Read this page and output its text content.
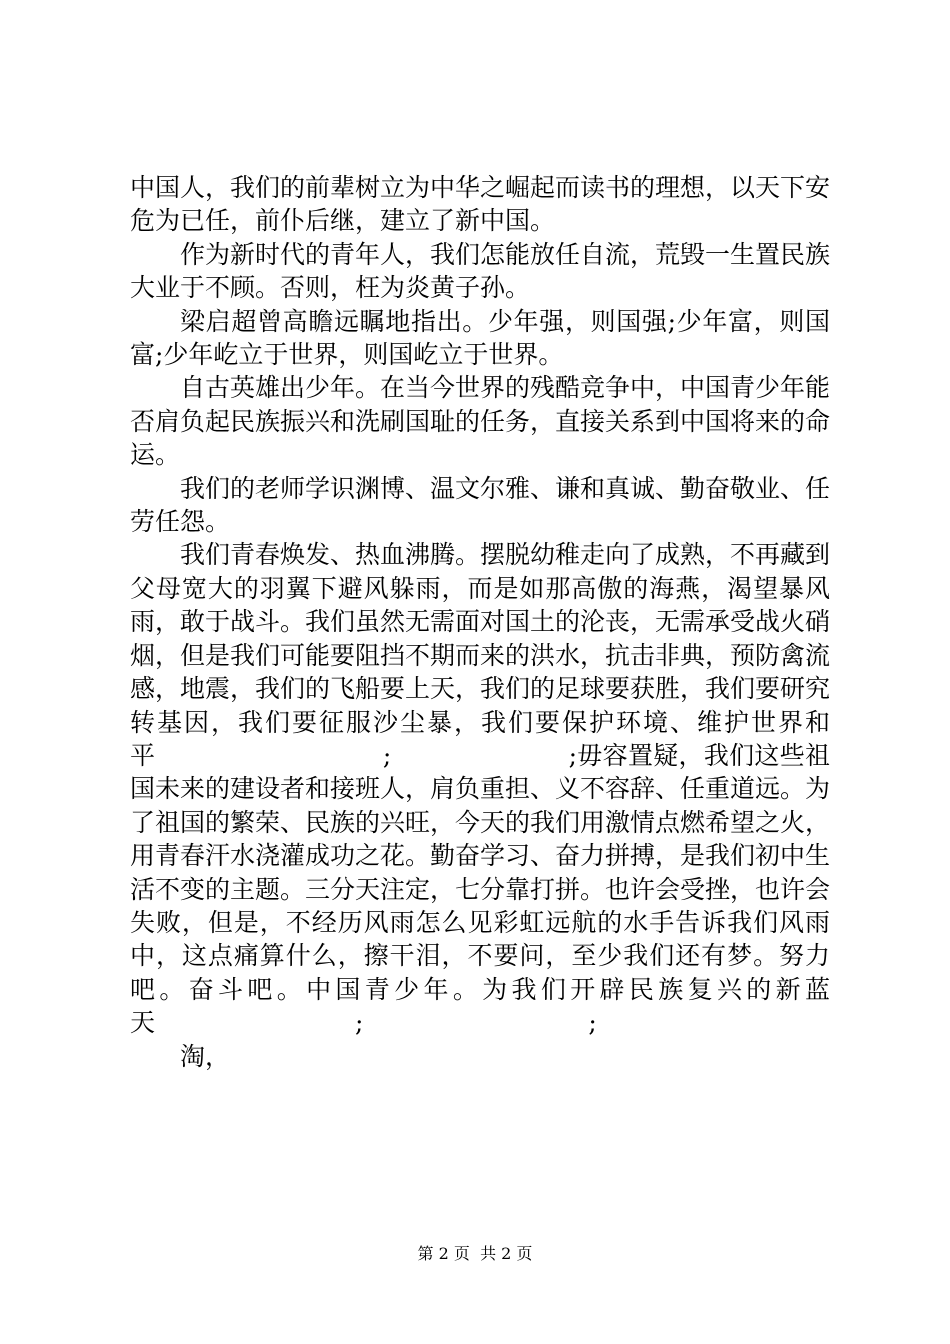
中国人，我们的前辈树立为中华之崛起而读书的理想，以天下安危为已任，前仆后继，建立了新中国。

作为新时代的青年人，我们怎能放任自流，荒毁一生置民族大业于不顾。否则，枉为炎黄子孙。

梁启超曾高瞻远瞩地指出。少年强，则国强;少年富，则国富;少年屹立于世界，则国屹立于世界。

自古英雄出少年。在当今世界的残酷竞争中，中国青少年能否肩负起民族振兴和洗刷国耻的任务，直接关系到中国将来的命运。

我们的老师学识渊博、温文尔雅、谦和真诚、勤奋敬业、任劳任怨。

我们青春焕发、热血沸腾。摆脱幼稚走向了成熟，不再藏到父母宽大的羽翼下避风躲雨，而是如那高傲的海燕，渴望暴风雨，敢于战斗。我们虽然无需面对国土的沦丧，无需承受战火硝烟，但是我们可能要阻挡不期而来的洪水，抗击非典，预防禽流感，地震，我们的飞船要上天，我们的足球要获胜，我们要研究转基因，我们要征服沙尘暴，我们要保护环境、维护世界和平　　　　　　　　　;　　　　　　　;毋容置疑，我们这些祖国未来的建设者和接班人，肩负重担、义不容辞、任重道远。为了祖国的繁荣、民族的兴旺，今天的我们用激情点燃希望之火，用青春汗水浇灌成功之花。勤奋学习、奋力拼搏，是我们初中生活不变的主题。三分天注定，七分靠打拼。也许会受挫，也许会失败，但是，不经历风雨怎么见彩虹远航的水手告诉我们风雨中，这点痛算什么，擦干泪，不要问，至少我们还有梦。努力吧。奋斗吧。中国青少年。为我们开辟民族复兴的新蓝天　　　　　　　　;　　　　　　　　　;

淘，

第 2 页  共 2 页
